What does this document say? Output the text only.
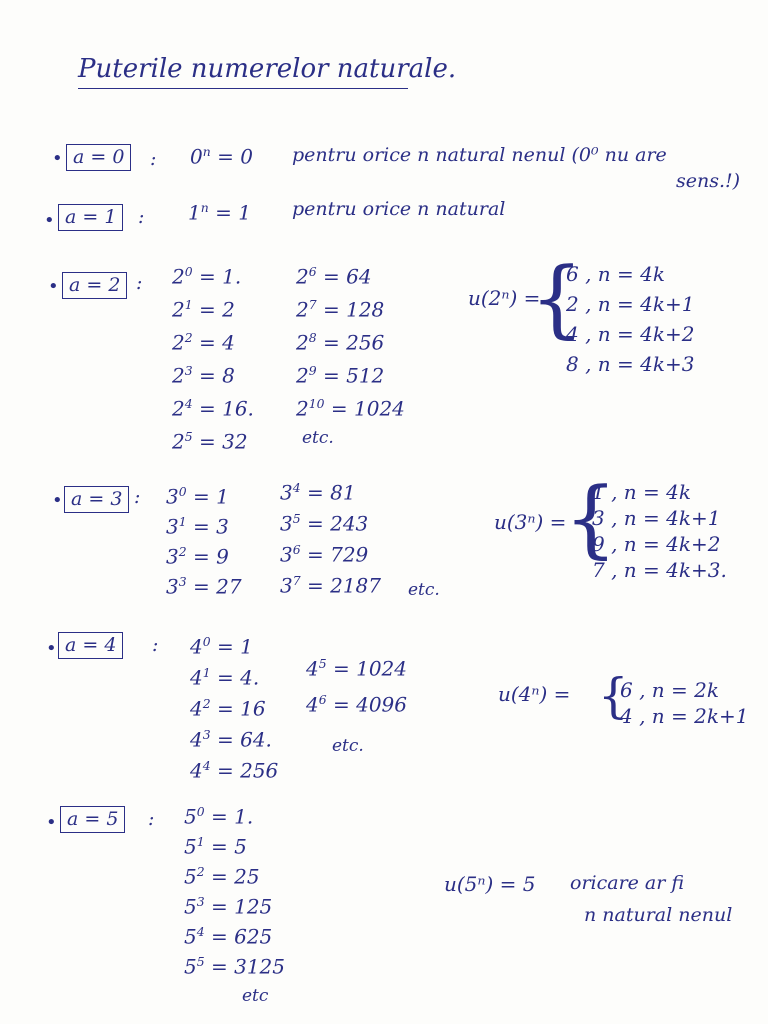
Puterile numerelor naturale.
• a = 0	: $0^n = 0$ pentru orice n natural nenul (0⁰ nu are
sens.!)
• a = 1	: $1^n = 1$ pentru orice n natural
• a = 2 : $2^0 = 1$.
$2^1 = 2$
$2^2 = 4$
$2^3 = 8$
$2^4 = 16$.
$2^5 = 32$
$2^6 = 64$
$2^7 = 128$
$2^8 = 256$
$2^9 = 512$
$2^{10} = 1024$
etc.
u(2ⁿ) =
{
6 , n = 4k
2 , n = 4k+1
4 , n = 4k+2
8 , n = 4k+3
• a = 3 : $3^0 = 1$
$3^1 = 3$
$3^2 = 9$
$3^3 = 27$
$3^4 = 81$
$3^5 = 243$
$3^6 = 729$
$3^7 = 2187$ etc.
u(3ⁿ) =
{
1 , n = 4k
3 , n = 4k+1
9 , n = 4k+2
7 , n = 4k+3.
• a = 4	: $4^0 = 1$
$4^1 = 4$.
$4^2 = 16$
$4^3 = 64$.
$4^4 = 256$
$4^5 = 1024$
$4^6 = 4096$
etc.
u(4ⁿ) = {
6 , n = 2k
4 , n = 2k+1
• a = 5	: $5^0 = 1$.
$5^1 = 5$
$5^2 = 25$
$5^3 = 125$
$5^4 = 625$
$5^5 = 3125$
etc
u(5ⁿ) = 5 oricare ar fi
n natural nenul
